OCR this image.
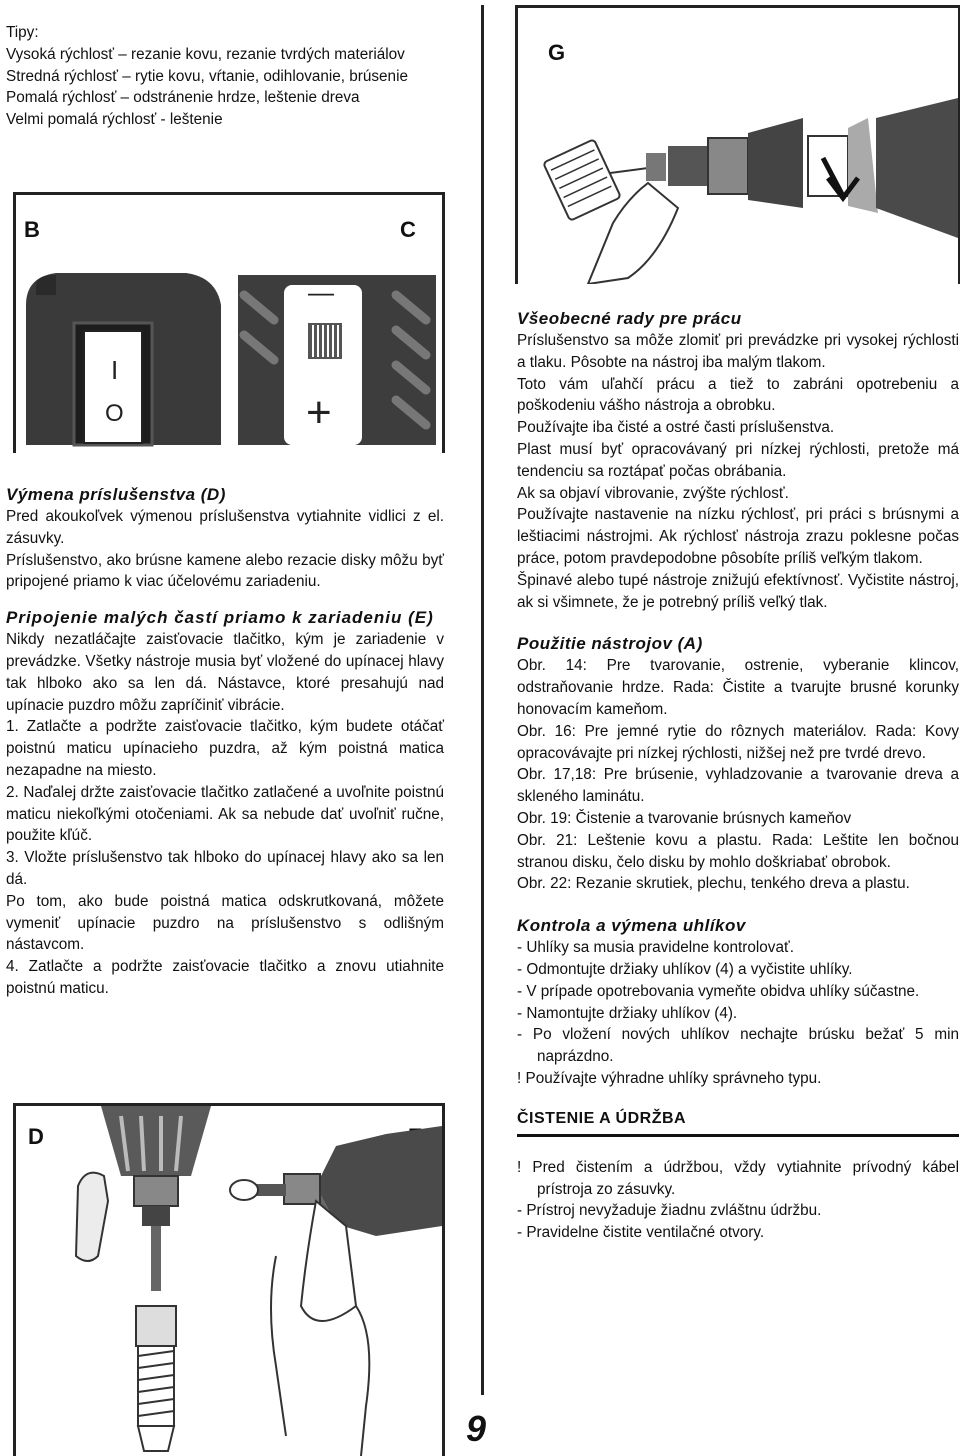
Tipy:

Vysoká rýchlosť – rezanie kovu, rezanie tvrdých materiálov

Stredná rýchlosť – rytie kovu, vŕtanie, odihlovanie, brúsenie

Pomalá rýchlosť – odstránenie hrdze, leštenie dreva

Velmi pomalá rýchlosť - leštenie

B	C
I
O
—
+

Výmena príslušenstva (D)

Pred akoukoľvek výmenou príslušenstva vytiahnite vidlici z el. zásuvky.

Príslušenstvo, ako brúsne kamene alebo rezacie disky môžu byť pripojené priamo k viac účelovému zariadeniu.

Pripojenie malých častí priamo k zariadeniu (E)

Nikdy nezatláčajte zaisťovacie tlačitko, kým je zariadenie v prevádzke. Všetky nástroje musia byť vložené do upínacej hlavy tak hlboko ako sa len dá. Nástavce, ktoré presahujú nad upínacie puzdro môžu zapríčiniť vibrácie.

1. Zatlačte a podržte zaisťovacie tlačitko, kým budete otáčať poistnú maticu upínacieho puzdra, až kým poistná matica nezapadne na miesto.

2. Naďalej držte zaisťovacie tlačitko zatlačené a uvoľnite poistnú maticu niekoľkými otočeniami. Ak sa nebude dať uvoľniť ručne, použite kľúč.

3. Vložte príslušenstvo tak hlboko do upínacej hlavy ako sa len dá.

Po tom, ako bude poistná matica odskrutkovaná, môžete vymeniť upínacie puzdro na príslušenstvo s odlišným nástavcom.

4. Zatlačte a podržte zaisťovacie tlačitko a znovu utiahnite poistnú maticu.

D
G

Všeobecné rady pre prácu

Príslušenstvo sa môže zlomiť pri prevádzke pri vysokej rýchlosti a tlaku. Pôsobte na nástroj iba malým tlakom.

Toto vám uľahčí prácu a tiež to zabráni opotrebeniu a poškodeniu vášho nástroja a obrobku.

Používajte iba čisté a ostré časti príslušenstva.

Plast musí byť opracovávaný pri nízkej rýchlosti, pretože má tendenciu sa roztápať počas obrábania.

Ak sa objaví vibrovanie, zvýšte rýchlosť.

Používajte nastavenie na nízku rýchlosť, pri práci s brúsnymi a leštiacimi nástrojmi. Ak rýchlosť nástroja zrazu poklesne počas práce, potom pravdepodobne pôsobíte príliš veľkým tlakom.

Špinavé alebo tupé nástroje znižujú efektívnosť. Vyčistite nástroj, ak si všimnete, že je potrebný príliš veľký tlak.

Použitie nástrojov (A)

Obr. 14: Pre tvarovanie, ostrenie, vyberanie klincov, odstraňovanie hrdze. Rada: Čistite a tvarujte brusné korunky honovacím kameňom.

Obr. 16: Pre jemné rytie do rôznych materiálov. Rada: Kovy opracovávajte pri nízkej rýchlosti, nižšej než pre tvrdé drevo.

Obr. 17,18: Pre brúsenie, vyhladzovanie a tvarovanie dreva a skleného laminátu.

Obr. 19: Čistenie a tvarovanie brúsnych kameňov

Obr. 21: Leštenie kovu a plastu. Rada: Leštite len bočnou stranou disku, čelo disku by mohlo doškriabať obrobok.

Obr. 22: Rezanie skrutiek, plechu, tenkého dreva a plastu.

Kontrola a výmena uhlíkov

- Uhlíky sa musia pravidelne kontrolovať.
- Odmontujte držiaky uhlíkov (4) a vyčistite uhlíky.
- V prípade opotrebovania vymeňte obidva uhlíky súčastne.
- Namontujte držiaky uhlíkov (4).
- Po vložení nových uhlíkov nechajte brúsku bežať 5 min naprázdno.
! Používajte výhradne uhlíky správneho typu.

ČISTENIE A ÚDRŽBA

! Pred čistením a údržbou, vždy vytiahnite prívodný kábel prístroja zo zásuvky.
- Prístroj nevyžaduje žiadnu zvláštnu údržbu.
- Pravidelne čistite ventilačné otvory.
9
